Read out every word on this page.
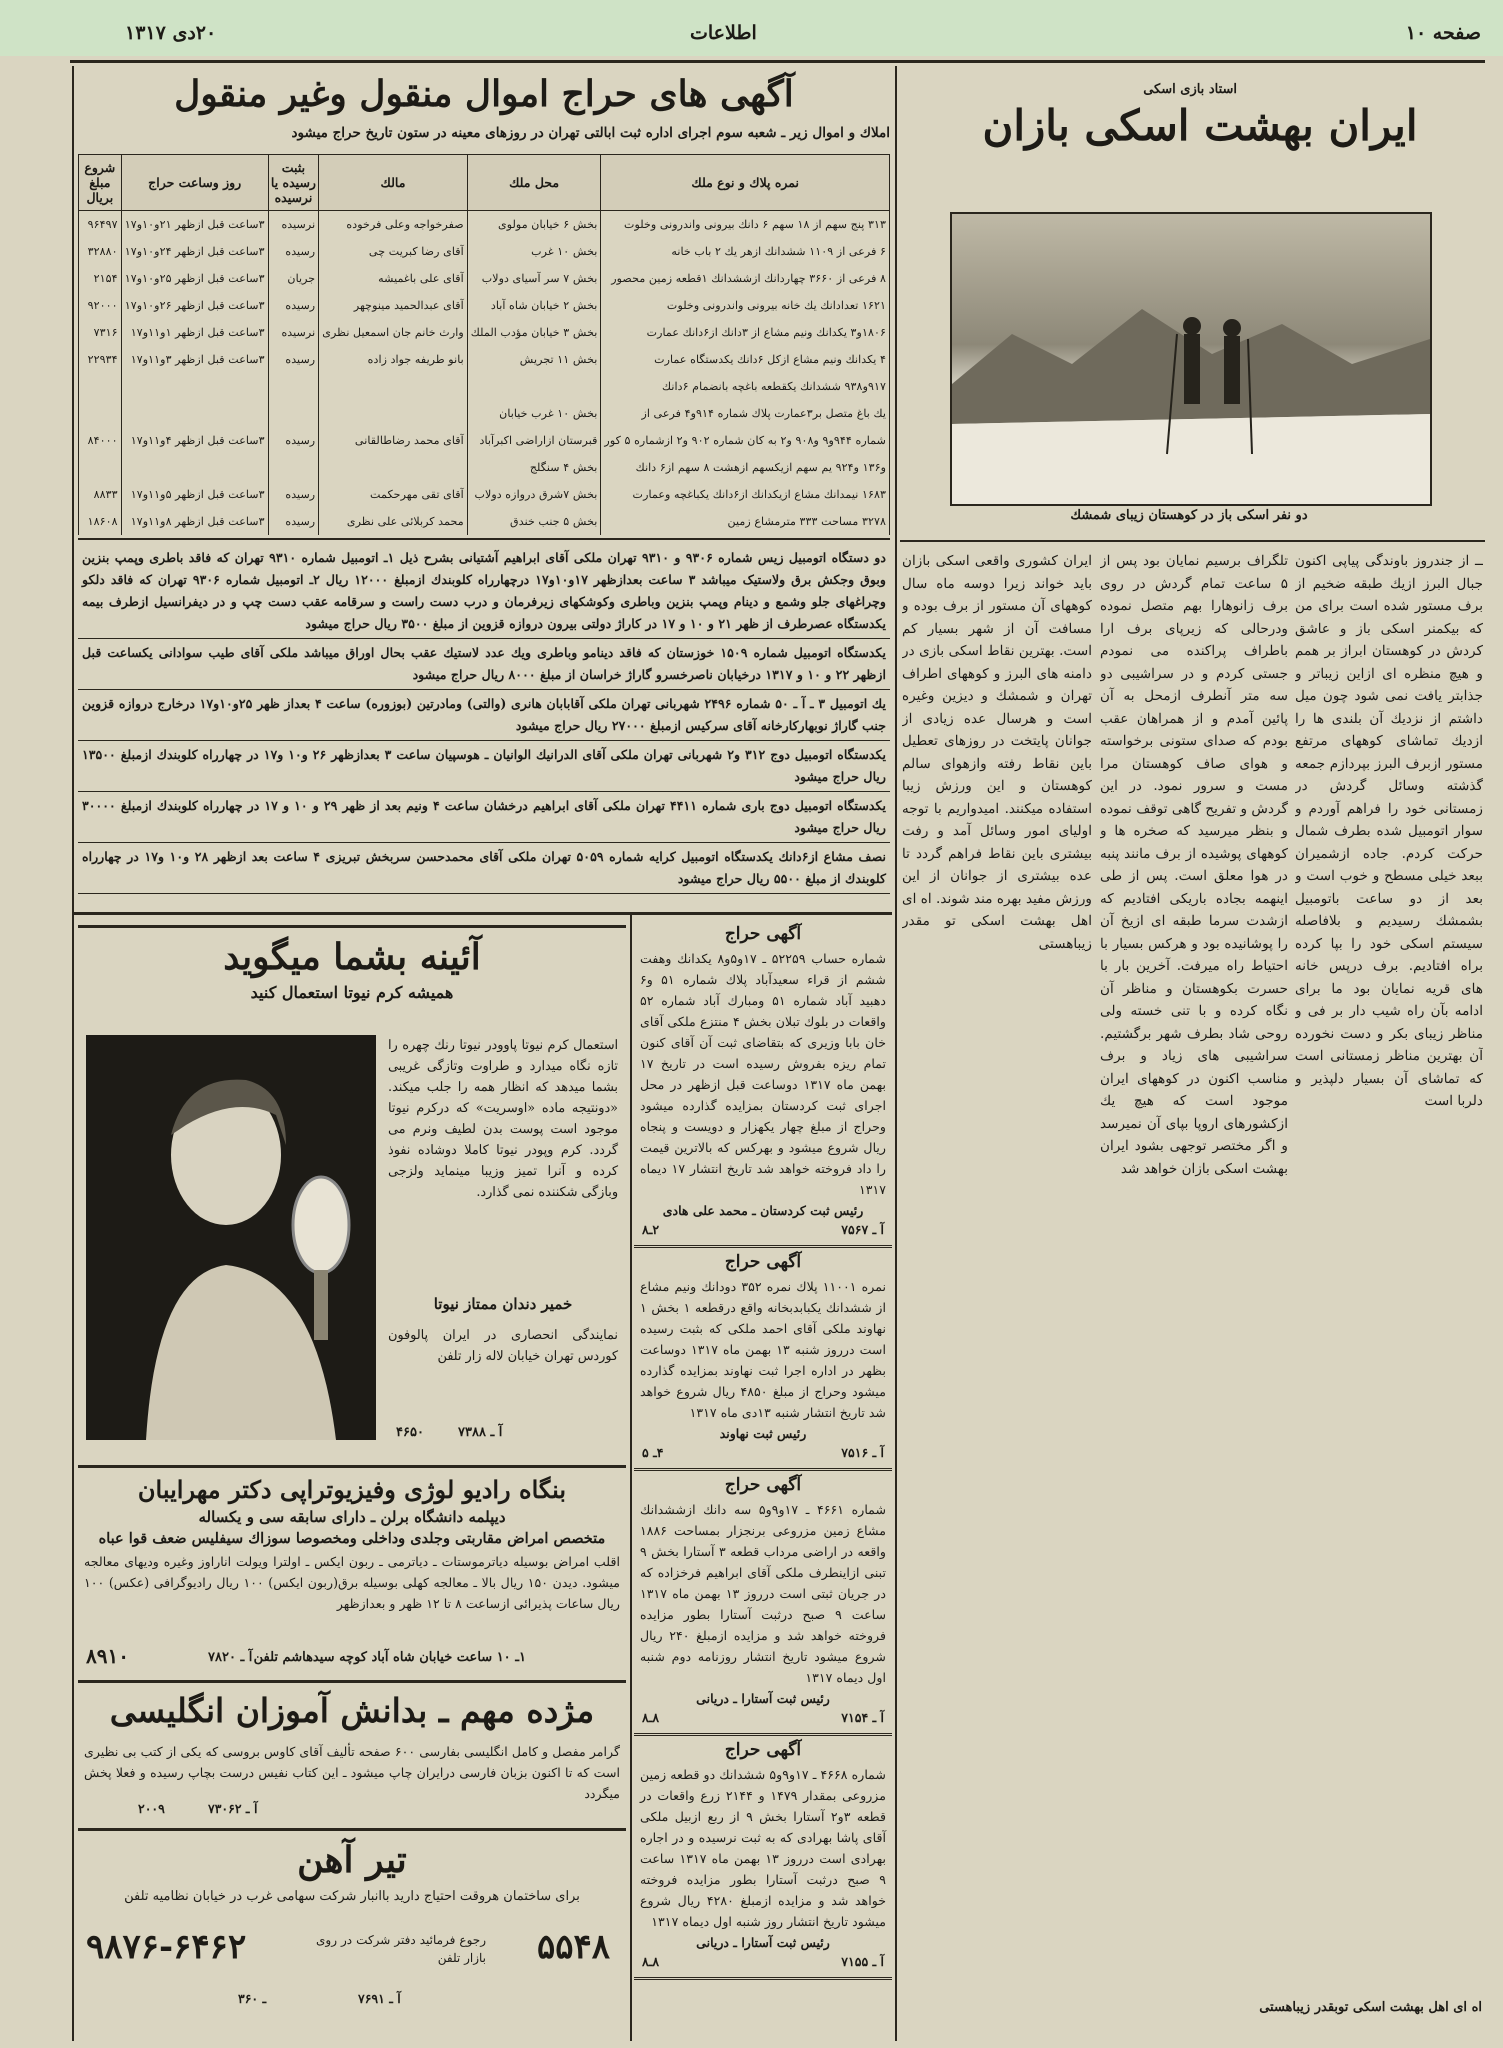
صفحه ۱۰
اطلاعات
۲۰دی ۱۳۱۷
آگهی های حراج اموال منقول وغیر منقول
املاك و اموال زیر ـ شعبه سوم اجرای اداره ثبت ابالتی تهران در روزهای معینه در ستون تاریخ حراج میشود
نمره پلاك و نوع ملك	محل ملك	مالك	بثبت رسیده یا نرسیده	روز وساعت حراج	شروع مبلغ بریال
۳۱۳ پنج سهم از ۱۸ سهم ۶ دانك بیرونی واندرونی وخلوت	بخش ۶ خیابان مولوی	صفرخواجه وعلی فرخوده	نرسیده	۳ساعت قبل ازظهر ۲۱و۱۰و۱۷	۹۶۴۹۷
۶ فرعی از ۱۱۰۹ ششدانك ازهر یك ۲ باب خانه	بخش ۱۰ غرب	آقای رضا کبریت چی	رسیده	۳ساعت قبل ازظهر ۲۴و۱۰و۱۷	۳۲۸۸۰
۸ فرعی از ۳۶۶۰ چهاردانك ازششدانك ۱قطعه زمین محصور	بخش ۷ سر آسیای دولاب	آقای علی باغمیشه	جریان	۳ساعت قبل ازظهر ۲۵و۱۰و۱۷	۲۱۵۴
۱۶۲۱ تعدادانك یك خانه بیرونی واندرونی وخلوت	بخش ۲ خیابان شاه آباد	آقای عبدالحمید مینوچهر	رسیده	۳ساعت قبل ازظهر ۲۶و۱۰و۱۷	۹۲۰۰۰
۱۸۰۶و۳ یکدانك ونیم مشاع از ۳دانك از۶دانك عمارت	بخش ۳ خیابان مؤدب الملك	وارث خانم جان اسمعیل نظری	نرسیده	۳ساعت قبل ازظهر ۱و۱۱و۱۷	۷۳۱۶
۴ یکدانك ونیم مشاع ازکل ۶دانك یکدستگاه عمارت	بخش ۱۱ تجریش	بانو طریفه جواد زاده	رسیده	۳ساعت قبل ازظهر ۳و۱۱و۱۷	۲۲۹۳۴
۹۱۷و۹۳۸ ششدانك یکقطعه باغچه بانضمام ۶دانك					
یك باغ متصل بر۳عمارت پلاك شماره ۹۱۴و۴ فرعی از	بخش ۱۰ غرب خیابان				
شماره ۹۴۴و۹ و۹۰۸ و۲ به کان شماره ۹۰۲ و۲ ازشماره ۵ کور	قبرستان ازاراضی اکبرآباد	آقای محمد رضاطالقانی	رسیده	۳ساعت قبل ازظهر ۴و۱۱و۱۷	۸۴۰۰۰
و۱۳۶ و۹۲۴ یم سهم ازیکسهم ازهشت ۸ سهم از۶ دانك	بخش ۴ سنگلج				
۱۶۸۳ نیمدانك مشاع ازیکدانك از۶دانك یکباغچه وعمارت	بخش ۷شرق دروازه دولاب	آقای تقی مهرحکمت	رسیده	۳ساعت قبل ازظهر ۵و۱۱و۱۷	۸۸۳۳
۳۲۷۸ مساحت ۳۳۳ مترمشاع زمین	بخش ۵ جنب خندق	محمد کربلائی علی نظری	رسیده	۳ساعت قبل ازظهر ۸و۱۱و۱۷	۱۸۶۰۸
دو دستگاه اتومبیل زیس شماره ۹۳۰۶ و ۹۳۱۰ تهران ملکی آقای ابراهیم آشتیانی بشرح ذیل ۱ـ اتومبیل شماره ۹۳۱۰ تهران که فاقد باطری وپمپ بنزین وبوق وجکش برق ولاستیک میباشد ۳ ساعت بعدازظهر ۱۷و۱۰و۱۷ درچهارراه کلوبندك ازمبلغ ۱۲۰۰۰ ریال ۲ـ اتومبیل شماره ۹۳۰۶ تهران که فاقد دلکو وچراغهای جلو وشمع و دینام وپمپ بنزین وباطری وکوشکهای زیرفرمان و درب دست راست و سرقامه عقب دست چپ و در دیفرانسیل ازطرف بیمه یکدستگاه عصرطرف از ظهر ۲۱ و ۱۰ و ۱۷ در کاراژ دولتی بیرون دروازه قزوین از مبلغ ۳۵۰۰ ریال حراج میشود
یکدستگاه اتومبیل شماره ۱۵۰۹ خوزستان که فاقد دینامو وباطری ویك عدد لاستیك عقب بحال اوراق میباشد ملکی آقای طیب سوادانی یکساعت قبل ازظهر ۲۲ و ۱۰ و ۱۳۱۷ درخیابان ناصرخسرو گاراژ خراسان از مبلغ ۸۰۰۰ ریال حراج میشود
یك اتومبیل ۳ ـ آ ـ ۵۰ شماره ۲۴۹۶ شهربانی تهران ملکی آقابابان هانری (والتی) ومادرتین (بوزوره) ساعت ۴ بعداز ظهر ۲۵و۱۰و۱۷ درخارج دروازه قزوین جنب گاراژ نوبهارکارخانه آقای سرکیس ازمبلغ ۲۷۰۰۰ ریال حراج میشود
یکدستگاه اتومبیل دوج ۳۱۲ و۲ شهربانی تهران ملکی آقای الدرانیك الوانیان ـ هوسپیان ساعت ۳ بعدازظهر ۲۶ و۱۰ و۱۷ در چهارراه کلوبندك ازمبلغ ۱۳۵۰۰ ریال حراج میشود
یکدستگاه اتومبیل دوج باری شماره ۴۴۱۱ تهران ملکی آقای ابراهیم درخشان ساعت ۴ ونیم بعد از ظهر ۲۹ و ۱۰ و ۱۷ در چهارراه کلوبندك ازمبلغ ۳۰۰۰۰ ریال حراج میشود
نصف مشاع از۶دانك یکدستگاه اتومبیل کرایه شماره ۵۰۵۹ تهران ملکی آقای محمدحسن سربخش تبریزی ۴ ساعت بعد ازظهر ۲۸ و۱۰ و۱۷ در چهارراه کلوبندك از مبلغ ۵۵۰۰ ریال حراج میشود
استاد بازی اسکی
ایران بهشت اسکی بازان
دو نفر اسکی باز در کوهستان زیبای شمشك
ــ از جندروز باوندگی پیاپی اکنون جبال البرز ازیك طبقه ضخیم از برف مستور شده است برای من که بیکمنر اسکی باز و عاشق کردش در کوهستان ابراز بر همم و هیچ منظره ای ازاین زیباتر و جذابتر یافت نمی شود چون میل داشتم از نزدیك آن بلندی ها را ازدیك تماشای کوههای مرتفع مستور ازبرف البرز بپردازم جمعه گذشته وسائل گردش در زمستانی خود را فراهم آوردم و سوار اتومبیل شده بطرف شمال حرکت کردم. جاده ازشمیران ببعد خیلی مسطح و خوب است و بعد از دو ساعت باتومبیل بشمشك رسیدیم و بلافاصله سیستم اسکی خود را بپا کرده براه افتادیم. برف درپس خانه های قریه نمایان بود ما برای ادامه بآن راه شیب دار بر فی و مناظر زیبای بکر و دست نخورده آن بهترین مناظر زمستانی است که تماشای آن بسیار دلپذیر و دلربا است
تلگراف برسیم نمایان بود پس از ۵ ساعت تمام گردش در روی برف زانوهارا بهم متصل نموده ودرحالی که زیرپای برف ارا باطراف پراکنده می نمودم جستی کردم و در سراشیبی دو سه متر آنطرف ازمحل به آن پائین آمدم و از همراهان عقب بودم که صدای ستونی برخواسته و هوای صاف کوهستان مرا مست و سرور نمود. در این گردش و تفریح گاهی توقف نموده و بنظر میرسید که صخره ها و کوههای پوشیده از برف مانند پنبه در هوا معلق است. پس از طی اینهمه بجاده باریکی افتادیم که ازشدت سرما طبقه ای ازیخ آن را پوشانیده بود و هرکس بسیار با احتیاط راه میرفت. آخرین بار با حسرت بکوهستان و مناظر آن نگاه کرده و با تنی خسته ولی روحی شاد بطرف شهر برگشتیم. سراشیبی های زیاد و برف مناسب اکنون در کوههای ایران موجود است که هیچ یك ازکشورهای اروپا بپای آن نمیرسد و اگر مختصر توجهی بشود ایران بهشت اسکی بازان خواهد شد
ایران کشوری واقعی اسکی بازان باید خواند زیرا دوسه ماه سال کوههای آن مستور از برف بوده و مسافت آن از شهر بسیار کم است. بهترین نقاط اسکی بازی در دامنه های البرز و کوههای اطراف تهران و شمشك و دیزین وغیره است و هرسال عده زیادی از جوانان پایتخت در روزهای تعطیل باین نقاط رفته وازهوای سالم کوهستان و این ورزش زیبا استفاده میکنند. امیدواریم با توجه اولیای امور وسائل آمد و رفت بیشتری باین نقاط فراهم گردد تا عده بیشتری از جوانان از این ورزش مفید بهره مند شوند. اه ای اهل بهشت اسکی تو مقدر زیباهستی
اه ای اهل بهشت اسکی توبقدر زیباهستی
آئینه بشما میگوید
همیشه کرم نیوتا استعمال کنید
استعمال کرم نیوتا پاوودر نیوتا رنك چهره را تازه نگاه میدارد و طراوت وتازگی غریبی بشما میدهد که انظار همه را جلب میکند. «دونتیجه ماده «اوسریت» که درکرم نیوتا موجود است پوست بدن لطیف ونرم می گردد. کرم وپودر نیوتا کاملا دوشاده نفوذ کرده و آنرا تمیز وزیبا مینماید ولزجی وبازگی شکننده نمی گذارد.
خمیر دندان ممتاز نیوتا
نمایندگی انحصاری در ایران پالوفون کوردس تهران خیابان لاله زار تلفن
آ ـ ۷۳۸۸
۴۶۵۰
بنگاه رادیو لوژی وفیزیوتراپی دکتر مهرایبان
دیپلمه دانشگاه برلن ـ دارای سابقه سی و یکساله
متخصص امراض مقاربتی وجلدی وداخلی ومخصوصا سوزاك سیفلیس ضعف قوا عباه
اقلب امراض بوسیله دیاترموستات ـ دیاترمی ـ ربون ایکس ـ اولترا ویولت اناراوز وغیره ودیهای معالجه میشود. دیدن ۱۵۰ ریال بالا ـ معالجه کهلی بوسیله برق(ربون ایکس) ۱۰۰ ریال رادیوگرافی (عکس) ۱۰۰ ریال ساعات پذیرائی ازساعت ۸ تا ۱۲ ظهر و بعدازظهر
۱ـ ۱۰ ساعت خیابان شاه آباد کوچه سیدهاشم تلفن
آ ـ ۷۸۲۰
۸۹۱۰
مژده مهم ـ بدانش آموزان انگلیسی
گرامر مفصل و کامل انگلیسی بفارسی ۶۰۰ صفحه تألیف آقای کاوس بروسی که یکی از کتب بی نظیری است که تا اکنون بزبان فارسی درایران چاپ میشود ـ این کتاب نفیس درست بچاپ رسیده و فعلا پخش میگردد
آ ـ ۷۳۰۶۲
۲۰۰۹
تیر آهن
برای ساختمان هروقت احتیاج دارید باانبار شرکت سهامی غرب در خیابان نظامیه تلفن
۵۵۴۸
رجوع فرمائید دفتر شرکت در روی بازار تلفن
۹۸۷۶-۶۴۶۲
آ ـ ۷۶۹۱
۳ـ ۶۰
آگهی حراج

شماره حساب ۵۲۲۵۹ ـ ۱۷و۵و۸ یکدانك وهفت ششم از قراء سعیدآباد پلاك شماره ۵۱ و۶ دهبید آباد شماره ۵۱ ومبارك آباد شماره ۵۲ واقعات در بلوك تبلان بخش ۴ منتزع ملکی آقای خان بابا وزیری که بتقاضای ثبت آن آقای کنون تمام ریزه بفروش رسیده است در تاریخ ۱۷ بهمن ماه ۱۳۱۷ دوساعت قبل ازظهر در محل اجرای ثبت کردستان بمزایده گذارده میشود وحراج از مبلغ چهار یکهزار و دویست و پنجاه ریال شروع میشود و بهرکس که بالاترین قیمت را داد فروخته خواهد شد تاریخ انتشار ۱۷ دیماه ۱۳۱۷

رئیس ثبت کردستان ـ محمد علی هادی
آ ـ ۷۵۶۷
۲ـ۸
آگهی حراج

نمره ۱۱۰۰۱ پلاك نمره ۳۵۲ دودانك ونیم مشاع از ششدانك یکبابدبخانه واقع درقطعه ۱ بخش ۱ نهاوند ملکی آقای احمد ملکی که بثبت رسیده است درروز شنبه ۱۳ بهمن ماه ۱۳۱۷ دوساعت بظهر در اداره اجرا ثبت نهاوند بمزایده گذارده میشود وحراج از مبلغ ۴۸۵۰ ریال شروع خواهد شد تاریخ انتشار شنبه ۱۳دی ماه ۱۳۱۷

رئیس ثبت نهاوند
آ ـ ۷۵۱۶
۴ـ ۵
آگهی حراج

شماره ۴۶۶۱ ـ ۱۷و۹و۵ سه دانك ازششدانك مشاع زمین مزروعی برنجزار بمساحت ۱۸۸۶ واقعه در اراضی مرداب قطعه ۳ آستارا بخش ۹ تبنی ازاینطرف ملکی آقای ابراهیم فرخزاده که در جریان ثبتی است درروز ۱۳ بهمن ماه ۱۳۱۷ ساعت ۹ صبح درثبت آستارا بطور مزایده فروخته خواهد شد و مزایده ازمبلغ ۲۴۰ ریال شروع میشود تاریخ انتشار روزنامه دوم شنبه اول دیماه ۱۳۱۷

رئیس ثبت آستارا ـ دریانی
آ ـ ۷۱۵۴
۸ـ۸
آگهی حراج

شماره ۴۶۶۸ ـ ۱۷و۹و۵ ششدانك دو قطعه زمین مزروعی بمقدار ۱۴۷۹ و ۲۱۴۴ زرع واقعات در قطعه ۳و۲ آستارا بخش ۹ از ربع ازبیل ملکی آقای پاشا بهرادی که به ثبت نرسیده و در اجاره بهرادی است درروز ۱۳ بهمن ماه ۱۳۱۷ ساعت ۹ صبح درثبت آستارا بطور مزایده فروخته خواهد شد و مزایده ازمبلغ ۴۲۸۰ ریال شروع میشود تاریخ انتشار روز شنبه اول دیماه ۱۳۱۷

رئیس ثبت آستارا ـ دریانی
آ ـ ۷۱۵۵
۸ـ۸
